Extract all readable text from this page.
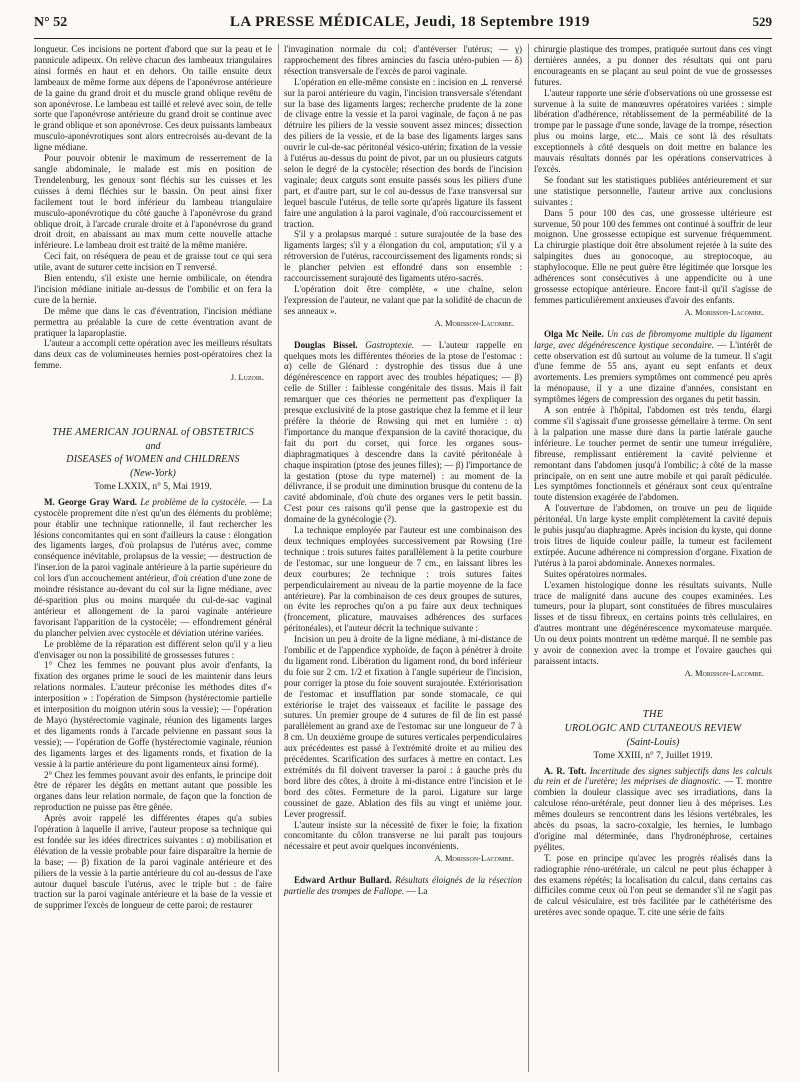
N° 52	LA PRESSE MÉDICALE, Jeudi, 18 Septembre 1919	529

longueur. Ces incisions ne portent d'abord que sur la peau et le pannicule adipeux. On relève chacun des lambeaux triangulaires ainsi formés en haut et en dehors. On taille ensuite deux lambeaux de même forme aux dépens de l'aponévrose antérieure de la gaine du grand droit et du muscle grand oblique revêtu de son aponévrose. Le lambeau est taillé et relevé avec soin, de telle sorte que l'aponévrose antérieure du grand droit se continue avec le grand oblique et son aponévrose. Ces deux puissants lambeaux musculo-aponévrotiques sont alors entrecroisés au-devant de la ligne médiane.

Pour pouvoir obtenir le maximum de resserrement de la sangle abdominale, le malade est mis en position de Trendelenburg, les genoux sont fléchis sur les cuisses et les cuisses à demi fléchies sur le bassin. On peut ainsi fixer facilement tout le bord inférieur du lambeau triangulaire musculo-aponévrotique du côté gauche à l'aponévrose du grand oblique droit, à l'arcade crurale droite et à l'aponévrose du grand droit droit, en abaissant au max mum cette nouvelle attache inférieure. Le lambeau droit est traité de la même manière.

Ceci fait, on réséquera de peau et de graisse tout ce qui sera utile, avant de suturer cette incision en T renversé.

Bien entendu, s'il existe une hernie ombilicale, on étendra l'incision médiane initiale au-dessus de l'ombilic et on fera la cure de la hernie.

De même que dans le cas d'éventration, l'incision médiane permettra au préalable la cure de cette éventration avant de pratiquer la laparoplastie.

L'auteur a accompli cette opération avec les meilleurs résultats dans deux cas de volumineuses hernies post-opératoires chez la femme.

J. Luzoir.
THE AMERICAN JOURNAL of OBSTETRICS
and
DISEASES of WOMEN and CHILDRENS
(New-York)
Tome LXXIX, n° 5, Mai 1919.

M. George Gray Ward. Le problème de la cystocèle. — La cystocèle proprement dite n'est qu'un des éléments du problème; pour établir une technique rationnelle, il faut rechercher les lésions concomitantes qui en sont d'ailleurs la cause : élongation des ligaments larges, d'où prolapsus de l'utérus avec, comme conséquence inévitable, prolapsus de la vessie; — destruction de l'inser.ion de la paroi vaginale antérieure à la partie supérieure du col lors d'un accouchement antérieur, d'où création d'une zone de moindre résistance au-devant du col sur la ligne médiane, avec dé-sparition plus ou moins marquée du cul-de-sac vaginal antérieur et allongement de la paroi vaginale antérieure favorisant l'apparition de la cystocèle; — effondrement général du plancher pelvien avec cystocèle et déviation utérine variées.

Le problème de la réparation est différent selon qu'il y a lieu d'envisager ou non la possibilité de grossesses futures :

1° Chez les femmes ne pouvant plus avoir d'enfants, la fixation des organes prime le souci de les maintenir dans leurs relations normales. L'auteur préconise les méthodes dites d'« interposition » : l'opération de Simpson (hystérectomie partielle et interposition du moignon utérin sous la vessie); — l'opération de Mayo (hystérectomie vaginale, réunion des ligaments larges et des ligaments ronds à l'arcade pelvienne en passant sous la vessie); — l'opération de Goffe (hystérectomie vaginale, réunion des ligaments larges et des ligaments ronds, et fixation de la vessie à la partie antérieure du pont ligamenteux ainsi formé).

2° Chez les femmes pouvant avoir des enfants, le principe doit être de réparer les dégâts en mettant autant que possible les organes dans leur relation normale, de façon que la fonction de reproduction ne puisse pas être gênée.

Après avoir rappelé les différentes étapes qu'a subies l'opération à laquelle il arrive, l'auteur propose sa technique qui est fondée sur les idées directrices suivantes : α) mobilisation et élévation de la vessie probable pour faire disparaître la hernie de la base; — β) fixation de la paroi vaginale antérieure et des piliers de la vessie à la partie antérieure du col au-dessus de l'axe autour duquel bascule l'utérus, avec le triple but : de faire traction sur la paroi vaginale antérieure et la base de la vessie et de supprimer l'excès de longueur de cette paroi; de restaurer

l'invagination normale du col; d'antéverser l'utérus; — γ) rapprochement des fibres amincies du fascia utéro-pubien — δ) résection transversale de l'excès de paroi vaginale.

L'opération en elle-même consiste en : incision en ⊥ renversé sur la paroi antérieure du vagin, l'incision transversale s'étendant sur la base des ligaments larges; recherche prudente de la zone de clivage entre la vessie et la paroi vaginale, de façon à ne pas détruire les piliers de la vessie souvent assez minces; dissection des piliers de la vessie, et de la base des ligaments larges sans ouvrir le cul-de-sac péritonéal vésico-utérin; fixation de la vessie à l'utérus au-dessus du point de pivot, par un ou plusieurs catguts selon le degré de la cystocèle; résection des bords de l'incision vaginale; deux catguts sont ensuite passés sous les piliers d'une part, et d'autre part, sur le col au-dessus de l'axe transversal sur lequel bascule l'utérus, de telle sorte qu'après ligature ils fassent faire une angulation à la paroi vaginale, d'où raccourcissement et traction.

S'il y a prolapsus marqué : suture surajoutée de la base des ligaments larges; s'il y a élongation du col, amputation; s'il y a rétroversion de l'utérus, raccourcissement des ligaments ronds; si le plancher pelvien est effondré dans son ensemble : raccourcissement surajouté des ligaments utéro-sacrés.

L'opération doit être complète, « une chaîne, selon l'expression de l'auteur, ne valant que par la solidité de chacun de ses anneaux ».

A. Morisson-Lacombe.

Douglas Bissel. Gastroptexie. — L'auteur rappelle en quelques mots les différentes théories de la ptose de l'estomac : α) celle de Glénard : dystrophie des tissus due à une dégénérescence en rapport avec des troubles hépatiques; — β) celle de Stiller : faiblesse congénitale des tissus. Mais il fait remarquer que ces théories ne permettent pas d'expliquer la presque exclusivité de la ptose gastrique chez la femme et il leur préfère la théorie de Rowsing qui met en lumière : α) l'importance du manque d'expansion de la cavité thoracique, du fait du port du corset, qui force les organes sous-diaphragmatiques à descendre dans la cavité péritonéale à chaque inspiration (ptose des jeunes filles); — β) l'importance de la gestation (ptose du type maternel) : au moment de la délivrance, il se produit une diminution brusque du contenu de la cavité abdominale, d'où chute des organes vers le petit bassin. C'est pour ces raisons qu'il pense que la gastropexie est du domaine de la gynécologie (?).

La technique employée par l'auteur est une combinaison des deux techniques employées successivement par Rowsing (1re technique : trois sutures faites parallèlement à la petite courbure de l'estomac, sur une longueur de 7 cm., en laissant libres les deux courbures; 2e technique : trois sutures faites perpendiculairement au niveau de la partie moyenne de la face antérieure). Par la combinaison de ces deux groupes de sutures, on évite les reproches qu'on a pu faire aux deux techniques (froncement, plicature, mauvaises adhérences des surfaces péritonéales), et l'auteur décrit la technique suivante :

Incision un peu à droite de la ligne médiane, à mi-distance de l'ombilic et de l'appendice xyphoïde, de façon à pénétrer à droite du ligament rond. Libération du ligament rond, du bord inférieur du foie sur 2 cm. 1/2 et fixation à l'angle supérieur de l'incision, pour corriger la ptose du foie souvent surajoutée. Extériorisation de l'estomac et insufflation par sonde stomacale, ce qui extériorise le trajet des vaisseaux et facilite le passage des sutures. Un premier groupe de 4 sutures de fil de lin est passé parallèlement au grand axe de l'estomac sur une longueur de 7 à 8 cm. Un deuxième groupe de sutures verticales perpendiculaires aux précédentes est passé à l'extrémité droite et au milieu des précédentes. Scarification des surfaces à mettre en contact. Les extrémités du fil doivent traverser la paroi : à gauche près du bord libre des côtes, à droite à mi-distance entre l'incision et le bord des côtes. Fermeture de la paroi. Ligature sur large coussinet de gaze. Ablation des fils au vingt et unième jour. Lever progressif.

L'auteur insiste sur la nécessité de fixer le foie; la fixation concomitante du côlon transverse ne lui paraît pas toujours nécessaire et peut avoir quelques inconvénients.

A. Morisson-Lacombe.

Edward Arthur Bullard. Résultats éloignés de la résection partielle des trompes de Fallope. — La

chirurgie plastique des trompes, pratiquée surtout dans ces vingt dernières années, a pu donner des résultats qui ont paru encourageants en se plaçant au seul point de vue de grossesses futures.

L'auteur rapporte une série d'observations où une grossesse est survenue à la suite de manœuvres opératoires variées : simple libération d'adhérence, rétablissement de la perméabilité de la trompe par le passage d'une sonde, lavage de la trompe, résection plus ou moins large, etc... Mais ce sont là des résultats exceptionnels à côté desquels on doit mettre en balance les mauvais résultats donnés par les opérations conservatrices à l'excès.

Se fondant sur les statistiques publiées antérieurement et sur une statistique personnelle, l'auteur arrive aux conclusions suivantes :

Dans 5 pour 100 des cas, une grossesse ultérieure est survenue, 50 pour 100 des femmes ont continué à souffrir de leur moignon. Une grossesse ectopique est survenue fréquemment. La chirurgie plastique doit être absolument rejetée à la suite des salpingites dues au gonocoque, au streptocoque, au staphylocoque. Elle ne peut guère être légitimée que lorsque les adhérences sont consécutives à une appendicite ou à une grossesse ectopique antérieure. Encore faut-il qu'il s'agisse de femmes particulièrement anxieuses d'avoir des enfants.

A. Morisson-Lacombe.

Olga Mc Neile. Un cas de fibromyome multiple du ligament large, avec dégénérescence kystique secondaire. — L'intérêt de cette observation est dû surtout au volume de la tumeur. Il s'agit d'une femme de 55 ans, ayant eu sept enfants et deux avortements. Les premiers symptômes ont commencé peu après la ménopause, il y a une dizaine d'années, consistant en symptômes légers de compression des organes du petit bassin.

A son entrée à l'hôpital, l'abdomen est très tendu, élargi comme s'il s'agissait d'une grossesse gémellaire à terme. On sent à la palpation une masse dure dans la partie latérale gauche inférieure. Le toucher permet de sentir une tumeur irrégulière, fibreuse, remplissant entièrement la cavité pelvienne et remontant dans l'abdomen jusqu'à l'ombilic; à côté de la masse principale, on en sent une autre mobile et qui paraît pédiculée. Les symptômes fonctionnels et généraux sont ceux qu'entraîne toute distension exagérée de l'abdomen.

A l'ouverture de l'abdomen, on trouve un peu de liquide péritonéal. Un large kyste emplit complètement la cavité depuis le pubis jusqu'au diaphragme. Après incision du kyste, qui donne trois litres de liquide couleur paille, la tumeur est facilement extirpée. Aucune adhérence ni compression d'organe. Fixation de l'utérus à la paroi abdominale. Annexes normales.

Suites opératoires normales.

L'examen histologique donne les résultats suivants. Nulle trace de malignité dans aucune des coupes examinées. Les tumeurs, pour la plupart, sont constituées de fibres musculaires lisses et de tissu fibreux, en certains points très cellulaires, en d'autres montrant une dégénérescence myxomateuse marquée. Un ou deux points montrent un œdème marqué. Il ne semble pas y avoir de connexion avec la trompe et l'ovaire gauches qui paraissent intacts.

A. Morisson-Lacombe.
THE
UROLOGIC AND CUTANEOUS REVIEW
(Saint-Louis)
Tome XXIII, n° 7, Juillet 1919.

A. R. Toft. Incertitude des signes subjectifs dans les calculs du rein et de l'uretère; les méprises de diagnostic. — T. montre combien la douleur classique avec ses irradiations, dans la calculose réno-urétérale, peut donner lieu à des méprises. Les mêmes douleurs se rencontrent dans les lésions vertébrales, les abcès du psoas, la sacro-coxalgie, les hernies, le lumbago d'origine mal déterminée, dans l'hydronéphrose, certaines pyélites.

T. pose en principe qu'avec les progrès réalisés dans la radiographie réno-urétérale, un calcul ne peut plus échapper à des examens répétés; la localisation du calcul, dans certains cas difficiles comme ceux où l'on peut se demander s'il ne s'agit pas de calcul vésiculaire, est très facilitée par le cathétérisme des uretères avec sonde opaque. T. cite une série de faits
